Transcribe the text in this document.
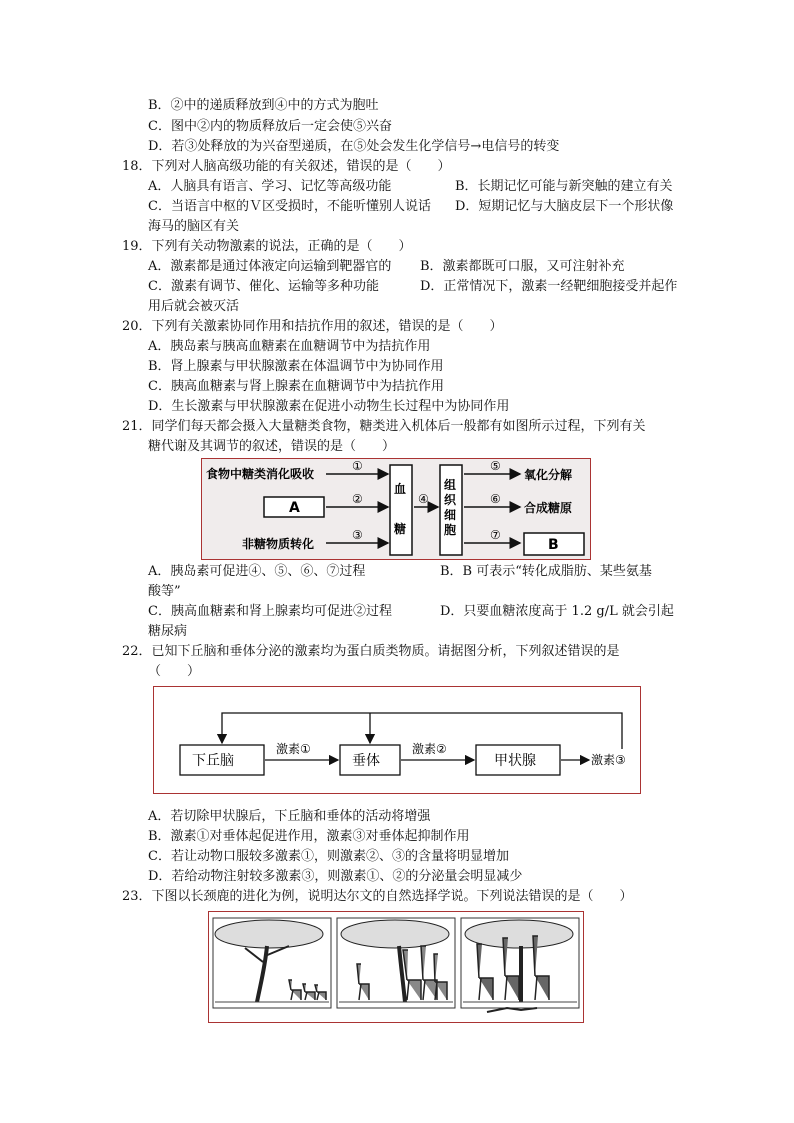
B．②中的递质释放到④中的方式为胞吐
C．图中②内的物质释放后一定会使⑤兴奋
D．若③处释放的为兴奋型递质，在⑤处会发生化学信号→电信号的转变
18．下列对人脑高级功能的有关叙述，错误的是（　　）
A．人脑具有语言、学习、记忆等高级功能	B．长期记忆可能与新突触的建立有关
C．当语言中枢的Ｖ区受损时，不能听懂别人说话 D．短期记忆与大脑皮层下一个形状像
海马的脑区有关
19．下列有关动物激素的说法，正确的是（　　）
A．激素都是通过体液定向运输到靶器官的 B．激素都既可口服，又可注射补充
C．激素有调节、催化、运输等多种功能	D．正常情况下，激素一经靶细胞接受并起作
用后就会被灭活
20．下列有关激素协同作用和拮抗作用的叙述，错误的是（　　）
A．胰岛素与胰高血糖素在血糖调节中为拮抗作用
B．肾上腺素与甲状腺激素在体温调节中为协同作用
C．胰高血糖素与肾上腺素在血糖调节中为拮抗作用
D．生长激素与甲状腺激素在促进小动物生长过程中为协同作用
21．同学们每天都会摄入大量糖类食物，糖类进入机体后一般都有如图所示过程，下列有关
糖代谢及其调节的叙述，错误的是（　　）
食物中糖类消化吸收
A
非糖物质转化
①
②
③
血
糖
④
组
织
细
胞
⑤
⑥
⑦
氧化分解
合成糖原
B
A．胰岛素可促进④、⑤、⑥、⑦过程	B．B 可表示“转化成脂肪、某些氨基
酸等”
C．胰高血糖素和肾上腺素均可促进②过程	D．只要血糖浓度高于 1.2 g/L 就会引起
糖尿病
22．已知下丘脑和垂体分泌的激素均为蛋白质类物质。请据图分析，下列叙述错误的是
（　　）
下丘脑	垂体	甲状腺
激素①	激素②
激素③
A．若切除甲状腺后，下丘脑和垂体的活动将增强
B．激素①对垂体起促进作用，激素③对垂体起抑制作用
C．若让动物口服较多激素①，则激素②、③的含量将明显增加
D．若给动物注射较多激素③，则激素①、②的分泌量会明显减少
23．下图以长颈鹿的进化为例，说明达尔文的自然选择学说。下列说法错误的是（　　）
